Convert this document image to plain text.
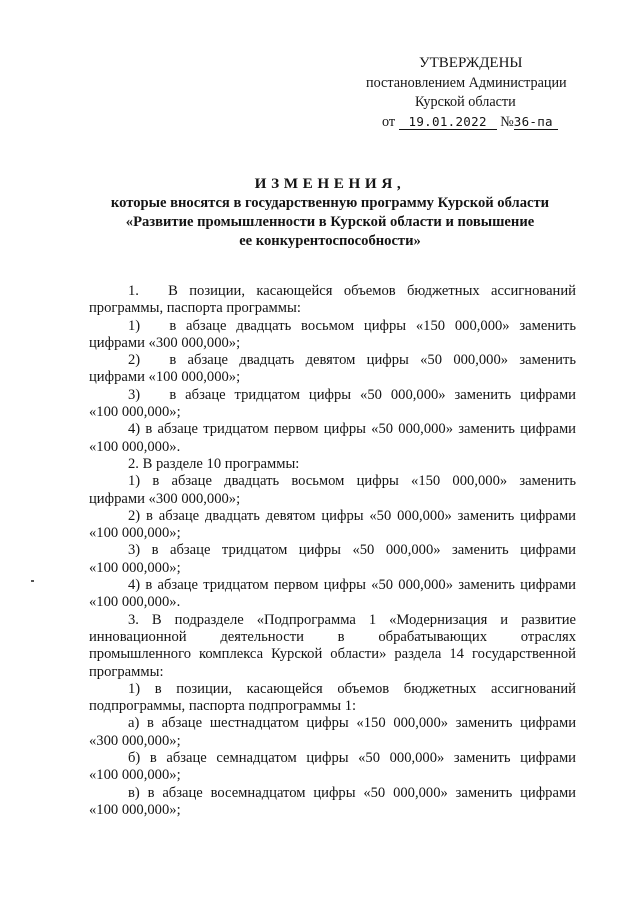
УТВЕРЖДЕНЫ
постановлением Администрации
Курской области
от 19.01.2022 №36-па
ИЗМЕНЕНИЯ,
которые вносятся в государственную программу Курской области
«Развитие промышленности в Курской области и повышение
ее конкурентоспособности»

1.  В позиции, касающейся объемов бюджетных ассигнований

программы, паспорта программы:

1)  в абзаце двадцать восьмом цифры «150 000,000» заменить

цифрами «300 000,000»;

2)  в абзаце двадцать девятом цифры «50 000,000» заменить

цифрами «100 000,000»;

3)  в абзаце тридцатом цифры «50 000,000» заменить цифрами

«100 000,000»;

4) в абзаце тридцатом первом цифры «50 000,000» заменить цифрами

«100 000,000».

2. В разделе 10 программы:

1) в абзаце двадцать восьмом цифры «150 000,000» заменить

цифрами «300 000,000»;

2) в абзаце двадцать девятом цифры «50 000,000» заменить цифрами

«100 000,000»;

3) в абзаце тридцатом цифры «50 000,000» заменить цифрами

«100 000,000»;

4) в абзаце тридцатом первом цифры «50 000,000» заменить цифрами

«100 000,000».

3. В подразделе «Подпрограмма 1 «Модернизация и развитие

инновационной деятельности в обрабатывающих отраслях

промышленного комплекса Курской области» раздела 14 государственной

программы:

1) в позиции, касающейся объемов бюджетных ассигнований

подпрограммы, паспорта подпрограммы 1:

а) в абзаце шестнадцатом цифры «150 000,000» заменить цифрами

«300 000,000»;

б) в абзаце семнадцатом цифры «50 000,000» заменить цифрами

«100 000,000»;

в) в абзаце восемнадцатом цифры «50 000,000» заменить цифрами

«100 000,000»;
